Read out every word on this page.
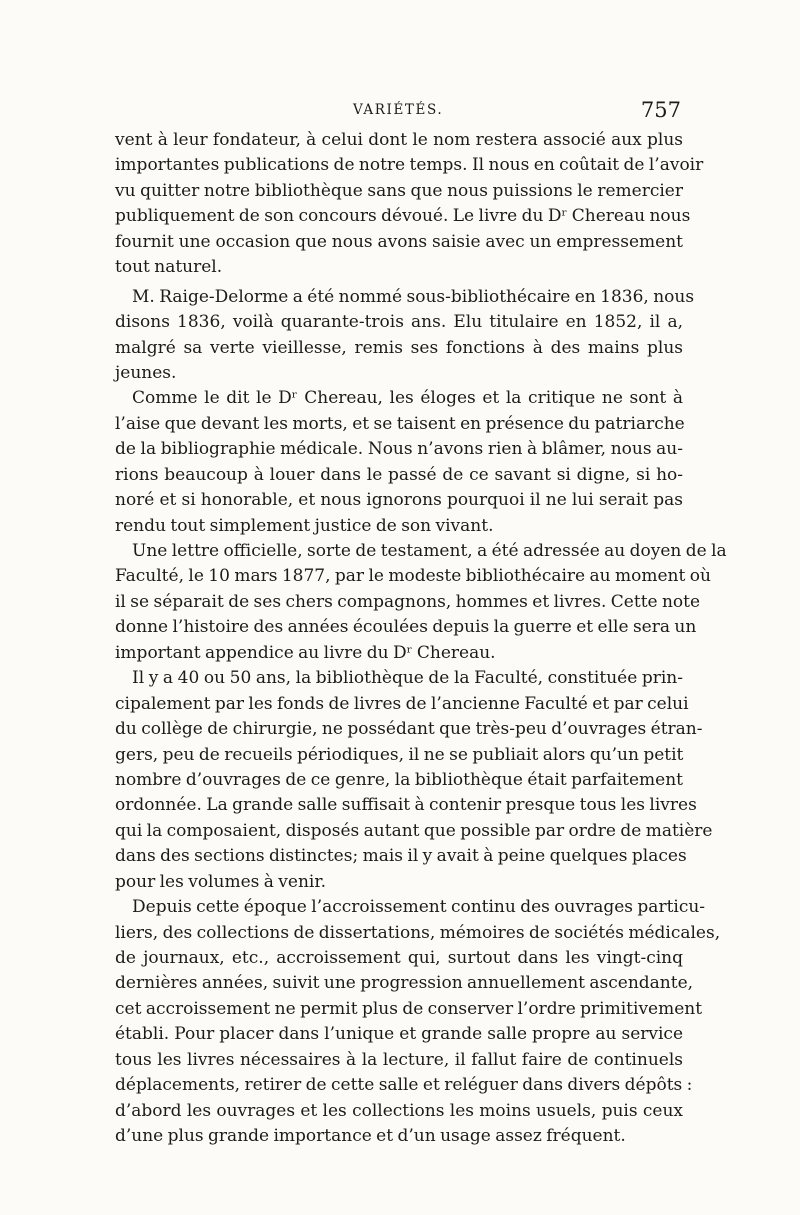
VARIÉTÉS.	757
vent à leur fondateur, à celui dont le nom restera associé aux plus
importantes publications de notre temps. Il nous en coûtait de l’avoir
vu quitter notre bibliothèque sans que nous puissions le remercier
publiquement de son concours dévoué. Le livre du Dʳ Chereau nous
fournit une occasion que nous avons saisie avec un empressement
tout naturel.
M. Raige-Delorme a été nommé sous-bibliothécaire en 1836, nous
disons 1836, voilà quarante-trois ans. Elu titulaire en 1852, il a,
malgré sa verte vieillesse, remis ses fonctions à des mains plus
jeunes.
Comme le dit le Dʳ Chereau, les éloges et la critique ne sont à
l’aise que devant les morts, et se taisent en présence du patriarche
de la bibliographie médicale. Nous n’avons rien à blâmer, nous au-
rions beaucoup à louer dans le passé de ce savant si digne, si ho-
noré et si honorable, et nous ignorons pourquoi il ne lui serait pas
rendu tout simplement justice de son vivant.
Une lettre officielle, sorte de testament, a été adressée au doyen de la
Faculté, le 10 mars 1877, par le modeste bibliothécaire au moment où
il se séparait de ses chers compagnons, hommes et livres. Cette note
donne l’histoire des années écoulées depuis la guerre et elle sera un
important appendice au livre du Dʳ Chereau.
Il y a 40 ou 50 ans, la bibliothèque de la Faculté, constituée prin-
cipalement par les fonds de livres de l’ancienne Faculté et par celui
du collège de chirurgie, ne possédant que très-peu d’ouvrages étran-
gers, peu de recueils périodiques, il ne se publiait alors qu’un petit
nombre d’ouvrages de ce genre, la bibliothèque était parfaitement
ordonnée. La grande salle suffisait à contenir presque tous les livres
qui la composaient, disposés autant que possible par ordre de matière
dans des sections distinctes; mais il y avait à peine quelques places
pour les volumes à venir.
Depuis cette époque l’accroissement continu des ouvrages particu-
liers, des collections de dissertations, mémoires de sociétés médicales,
de journaux, etc., accroissement qui, surtout dans les vingt-cinq
dernières années, suivit une progression annuellement ascendante,
cet accroissement ne permit plus de conserver l’ordre primitivement
établi. Pour placer dans l’unique et grande salle propre au service
tous les livres nécessaires à la lecture, il fallut faire de continuels
déplacements, retirer de cette salle et reléguer dans divers dépôts :
d’abord les ouvrages et les collections les moins usuels, puis ceux
d’une plus grande importance et d’un usage assez fréquent.
